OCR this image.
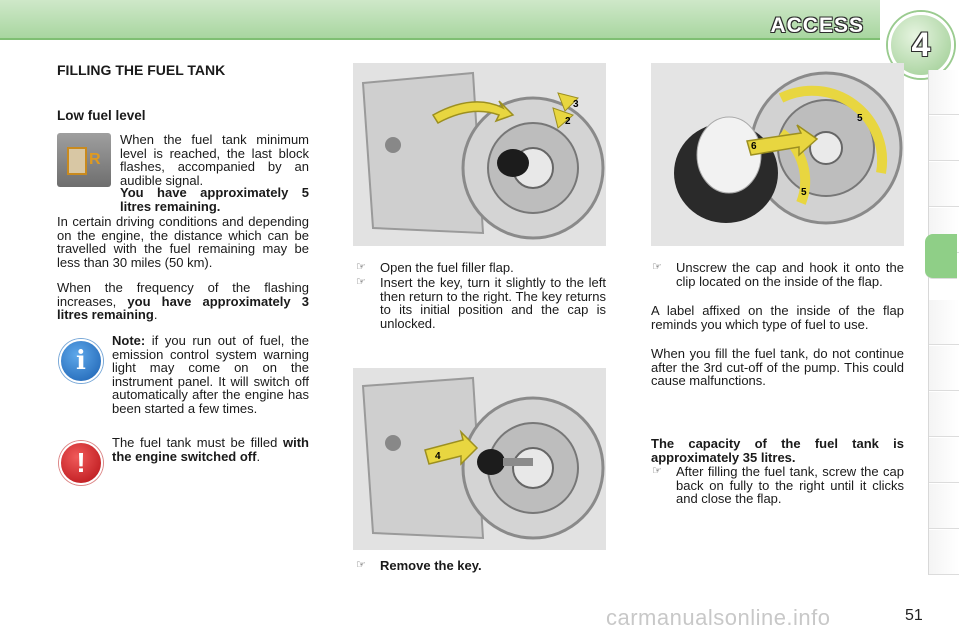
ACCESS	4
FILLING THE FUEL TANK
Low fuel level
R
When the fuel tank minimum level is reached, the last block flashes, accompanied by an audible signal.
You have approximately 5 litres remaining.
In certain driving conditions and depending on the engine, the distance which can be travelled with the fuel remaining may be less than 30 miles (50 km).
When the frequency of the flashing increases, you have approximately 3 litres remaining.
i
Note: if you run out of fuel, the emission control system warning light may come on on the instrument panel. It will switch off automatically after the engine has been started a few times.
!
The fuel tank must be filled with the engine switched off.
3
2
☞ Open the fuel filler flap.
☞ Insert the key, turn it slightly to the left then return to the right. The key returns to its initial position and the cap is unlocked.
4
☞ Remove the key.
5
6
5
☞ Unscrew the cap and hook it onto the clip located on the inside of the flap.
A label affixed on the inside of the flap reminds you which type of fuel to use.
When you fill the fuel tank, do not continue after the 3rd cut-off of the pump. This could cause malfunctions.
The capacity of the fuel tank is approximately 35 litres.
☞ After filling the fuel tank, screw the cap back on fully to the right until it clicks and close the flap.
carmanualsonline.info	51
